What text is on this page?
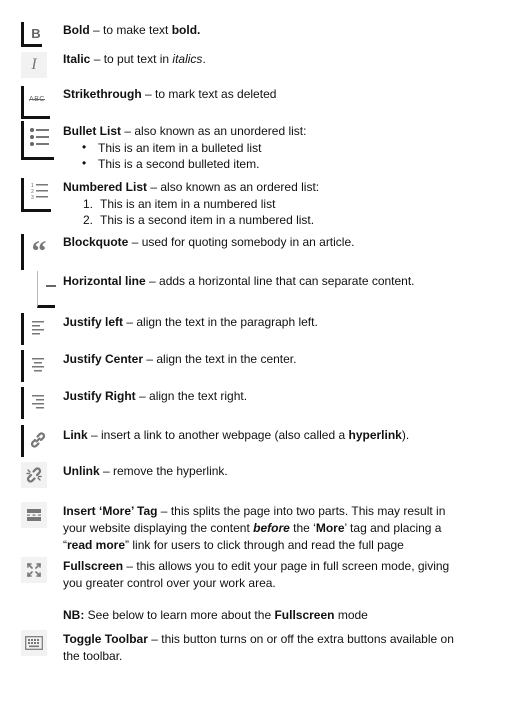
B Bold – to make text bold.
I Italic – to put text in italics.
ABC Strikethrough – to mark text as deleted
Bullet List – also known as an unordered list:
• This is an item in a bulleted list
• This is a second bulleted item.
1
2
3
Numbered List – also known as an ordered list:
1. This is an item in a numbered list
2. This is a second item in a numbered list.
“ Blockquote – used for quoting somebody in an article.
Horizontal line – adds a horizontal line that can separate content.
Justify left – align the text in the paragraph left.
Justify Center – align the text in the center.
Justify Right – align the text right.
Link – insert a link to another webpage (also called a hyperlink).
Unlink – remove the hyperlink.
Insert ‘More’ Tag – this splits the page into two parts. This may result in
your website displaying the content before the ‘More’ tag and placing a
“read more” link for users to click through and read the full page
Fullscreen – this allows you to edit your page in full screen mode, giving
you greater control over your work area.
NB: See below to learn more about the Fullscreen mode
Toggle Toolbar – this button turns on or off the extra buttons available on
the toolbar.
